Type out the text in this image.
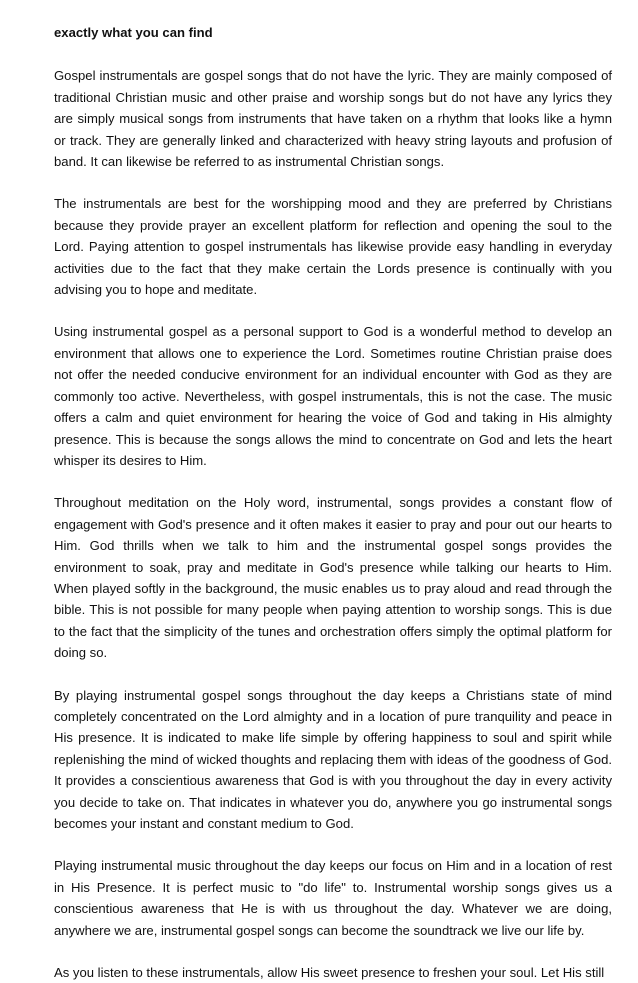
exactly what you can find

Gospel instrumentals are gospel songs that do not have the lyric. They are mainly composed of traditional Christian music and other praise and worship songs but do not have any lyrics they are simply musical songs from instruments that have taken on a rhythm that looks like a hymn or track. They are generally linked and characterized with heavy string layouts and profusion of band. It can likewise be referred to as instrumental Christian songs.

The instrumentals are best for the worshipping mood and they are preferred by Christians because they provide prayer an excellent platform for reflection and opening the soul to the Lord. Paying attention to gospel instrumentals has likewise provide easy handling in everyday activities due to the fact that they make certain the Lords presence is continually with you advising you to hope and meditate.

Using instrumental gospel as a personal support to God is a wonderful method to develop an environment that allows one to experience the Lord. Sometimes routine Christian praise does not offer the needed conducive environment for an individual encounter with God as they are commonly too active. Nevertheless, with gospel instrumentals, this is not the case. The music offers a calm and quiet environment for hearing the voice of God and taking in His almighty presence. This is because the songs allows the mind to concentrate on God and lets the heart whisper its desires to Him.

Throughout meditation on the Holy word, instrumental, songs provides a constant flow of engagement with God's presence and it often makes it easier to pray and pour out our hearts to Him. God thrills when we talk to him and the instrumental gospel songs provides the environment to soak, pray and meditate in God's presence while talking our hearts to Him. When played softly in the background, the music enables us to pray aloud and read through the bible. This is not possible for many people when paying attention to worship songs. This is due to the fact that the simplicity of the tunes and orchestration offers simply the optimal platform for doing so.

By playing instrumental gospel songs throughout the day keeps a Christians state of mind completely concentrated on the Lord almighty and in a location of pure tranquility and peace in His presence. It is indicated to make life simple by offering happiness to soul and spirit while replenishing the mind of wicked thoughts and replacing them with ideas of the goodness of God. It provides a conscientious awareness that God is with you throughout the day in every activity you decide to take on. That indicates in whatever you do, anywhere you go instrumental songs becomes your instant and constant medium to God.

Playing instrumental music throughout the day keeps our focus on Him and in a location of rest in His Presence. It is perfect music to "do life" to. Instrumental worship songs gives us a conscientious awareness that He is with us throughout the day. Whatever we are doing, anywhere we are, instrumental gospel songs can become the soundtrack we live our life by.

As you listen to these instrumentals, allow His sweet presence to freshen your soul. Let His still
